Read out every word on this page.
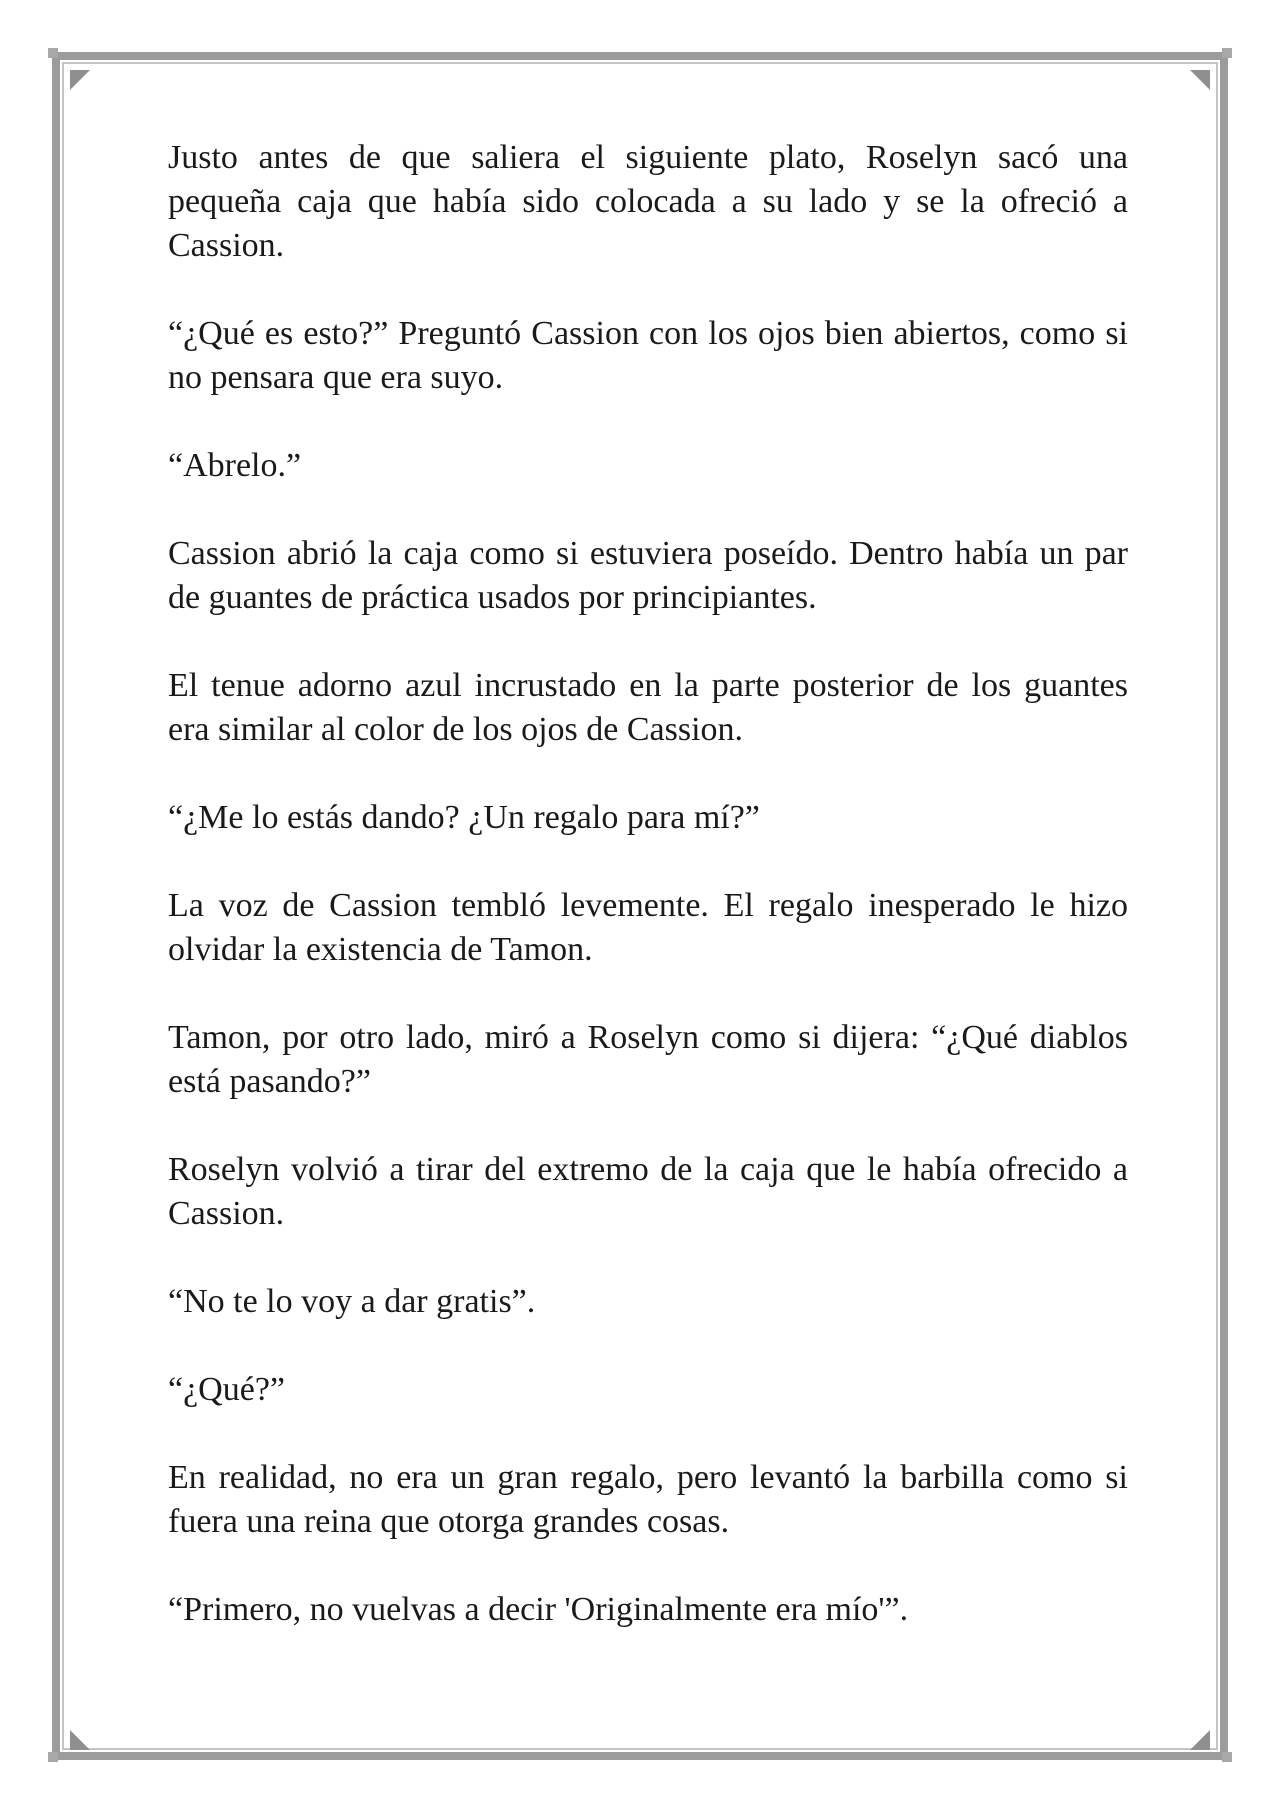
Justo antes de que saliera el siguiente plato, Roselyn sacó una pequeña caja que había sido colocada a su lado y se la ofreció a Cassion.

“¿Qué es esto?” Preguntó Cassion con los ojos bien abiertos, como si no pensara que era suyo.

“Abrelo.”

Cassion abrió la caja como si estuviera poseído. Dentro había un par de guantes de práctica usados por principiantes.

El tenue adorno azul incrustado en la parte posterior de los guantes era similar al color de los ojos de Cassion.

“¿Me lo estás dando? ¿Un regalo para mí?”

La voz de Cassion tembló levemente. El regalo inesperado le hizo olvidar la existencia de Tamon.

Tamon, por otro lado, miró a Roselyn como si dijera: “¿Qué diablos está pasando?”

Roselyn volvió a tirar del extremo de la caja que le había ofrecido a Cassion.

“No te lo voy a dar gratis”.

“¿Qué?”

En realidad, no era un gran regalo, pero levantó la barbilla como si fuera una reina que otorga grandes cosas.

“Primero, no vuelvas a decir 'Originalmente era mío'”.
